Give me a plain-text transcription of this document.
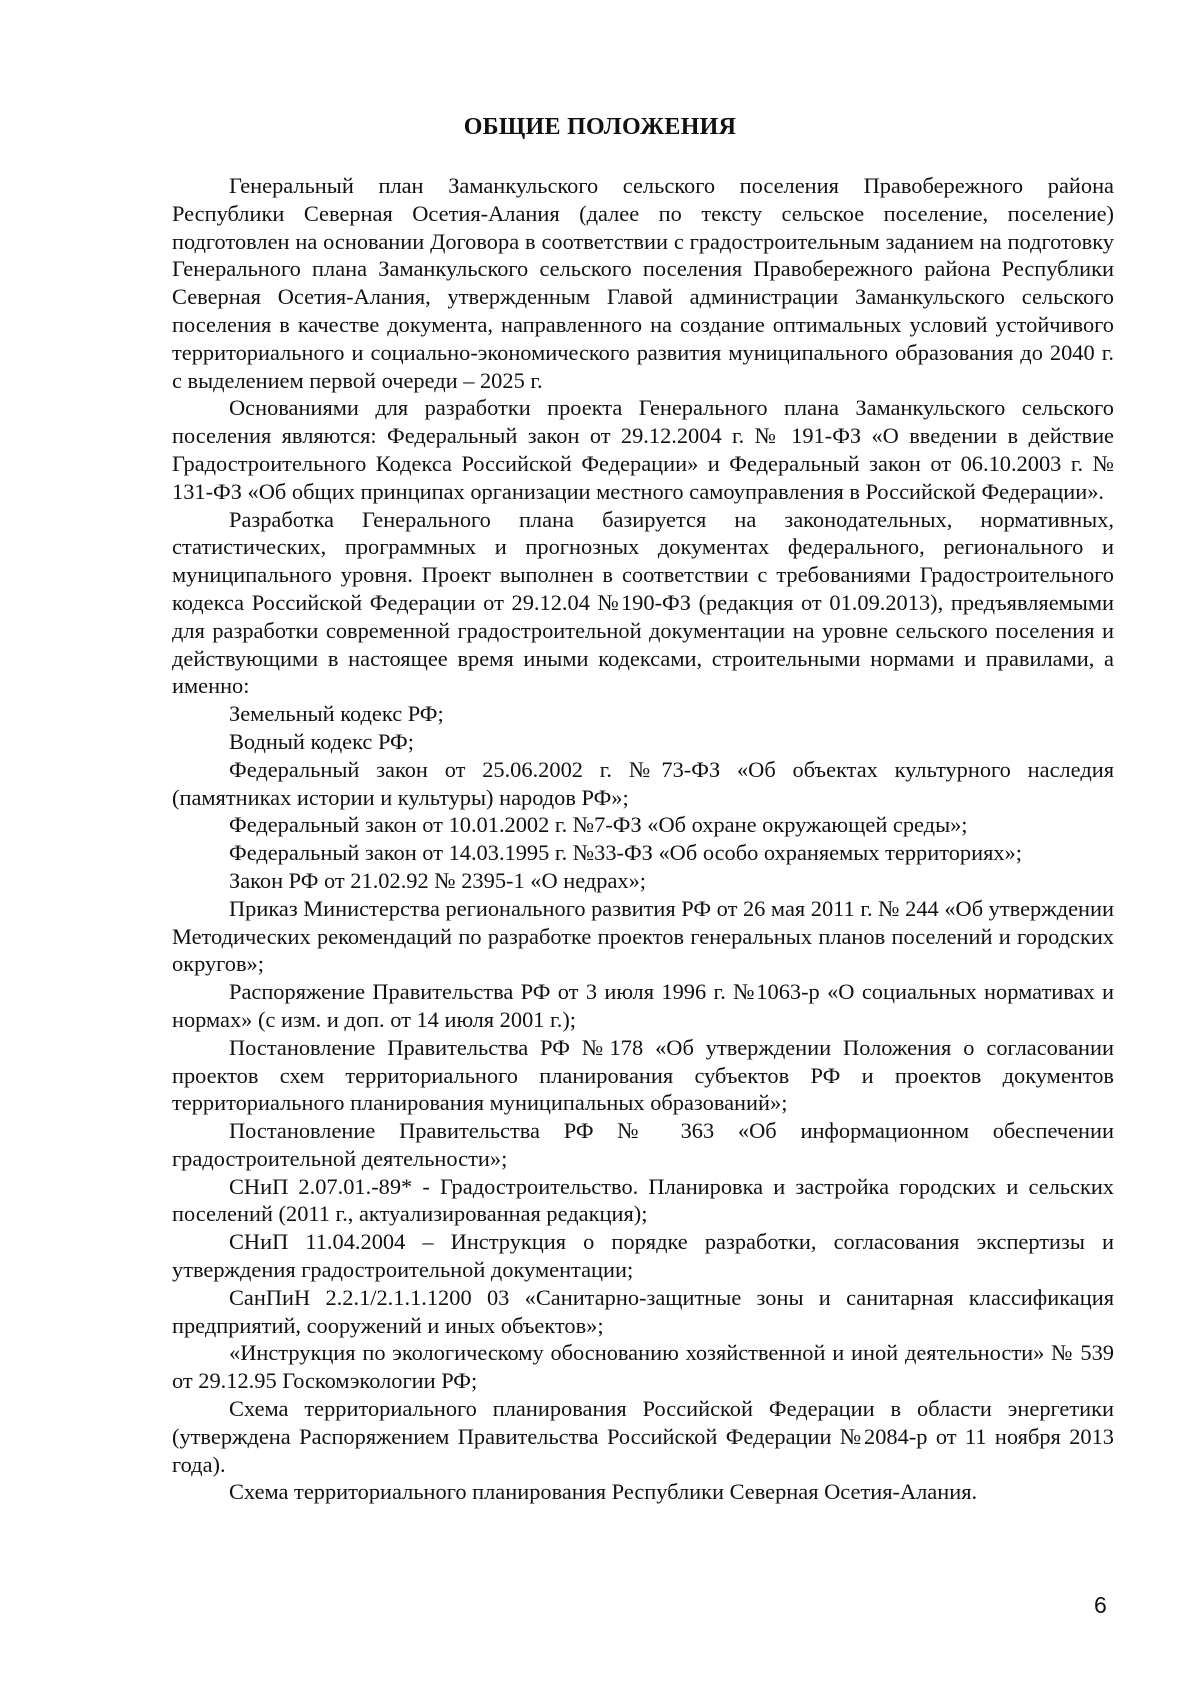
ОБЩИЕ ПОЛОЖЕНИЯ

Генеральный план Заманкульского сельского поселения Правобережного района Республики Северная Осетия-Алания (далее по тексту сельское поселение, поселение) подготовлен на основании Договора в соответствии с градостроительным заданием на подготовку Генерального плана Заманкульского сельского поселения Правобережного района Республики Северная Осетия-Алания, утвержденным Главой администрации Заманкульского сельского поселения в качестве документа, направленного на создание оптимальных условий устойчивого территориального и социально-экономического развития муниципального образования до 2040 г. с выделением первой очереди – 2025 г.

Основаниями для разработки проекта Генерального плана Заманкульского сельского поселения являются: Федеральный закон от 29.12.2004 г. № 191-ФЗ «О введении в действие Градостроительного Кодекса Российской Федерации» и Федеральный закон от 06.10.2003 г. № 131-ФЗ «Об общих принципах организации местного самоуправления в Российской Федерации».

Разработка Генерального плана базируется на законодательных, нормативных, статистических, программных и прогнозных документах федерального, регионального и муниципального уровня. Проект выполнен в соответствии с требованиями Градостроительного кодекса Российской Федерации от 29.12.04 №190-ФЗ (редакция от 01.09.2013), предъявляемыми для разработки современной градостроительной документации на уровне сельского поселения и действующими в настоящее время иными кодексами, строительными нормами и правилами, а именно:

Земельный кодекс РФ;

Водный кодекс РФ;

Федеральный закон от 25.06.2002 г. №73-ФЗ «Об объектах культурного наследия (памятниках истории и культуры) народов РФ»;

Федеральный закон от 10.01.2002 г. №7-ФЗ «Об охране окружающей среды»;

Федеральный закон от 14.03.1995 г. №33-ФЗ «Об особо охраняемых территориях»;

Закон РФ от 21.02.92 № 2395-1 «О недрах»;

Приказ Министерства регионального развития РФ от 26 мая 2011 г. № 244 «Об утверждении Методических рекомендаций по разработке проектов генеральных планов поселений и городских округов»;

Распоряжение Правительства РФ от 3 июля 1996 г. №1063-р «О социальных нормативах и нормах» (с изм. и доп. от 14 июля 2001 г.);

Постановление Правительства РФ №178 «Об утверждении Положения о согласовании проектов схем территориального планирования субъектов РФ и проектов документов территориального планирования муниципальных образований»;

Постановление Правительства РФ № 363 «Об информационном обеспечении градостроительной деятельности»;

СНиП 2.07.01.-89* - Градостроительство. Планировка и застройка городских и сельских поселений (2011 г., актуализированная редакция);

СНиП 11.04.2004 – Инструкция о порядке разработки, согласования экспертизы и утверждения градостроительной документации;

СанПиН 2.2.1/2.1.1.1200 03 «Санитарно-защитные зоны и санитарная классификация предприятий, сооружений и иных объектов»;

«Инструкция по экологическому обоснованию хозяйственной и иной деятельности» № 539 от 29.12.95 Госкомэкологии РФ;

Схема территориального планирования Российской Федерации в области энергетики (утверждена Распоряжением Правительства Российской Федерации №2084-р от 11 ноября 2013 года).

Схема территориального планирования Республики Северная Осетия-Алания.

6
